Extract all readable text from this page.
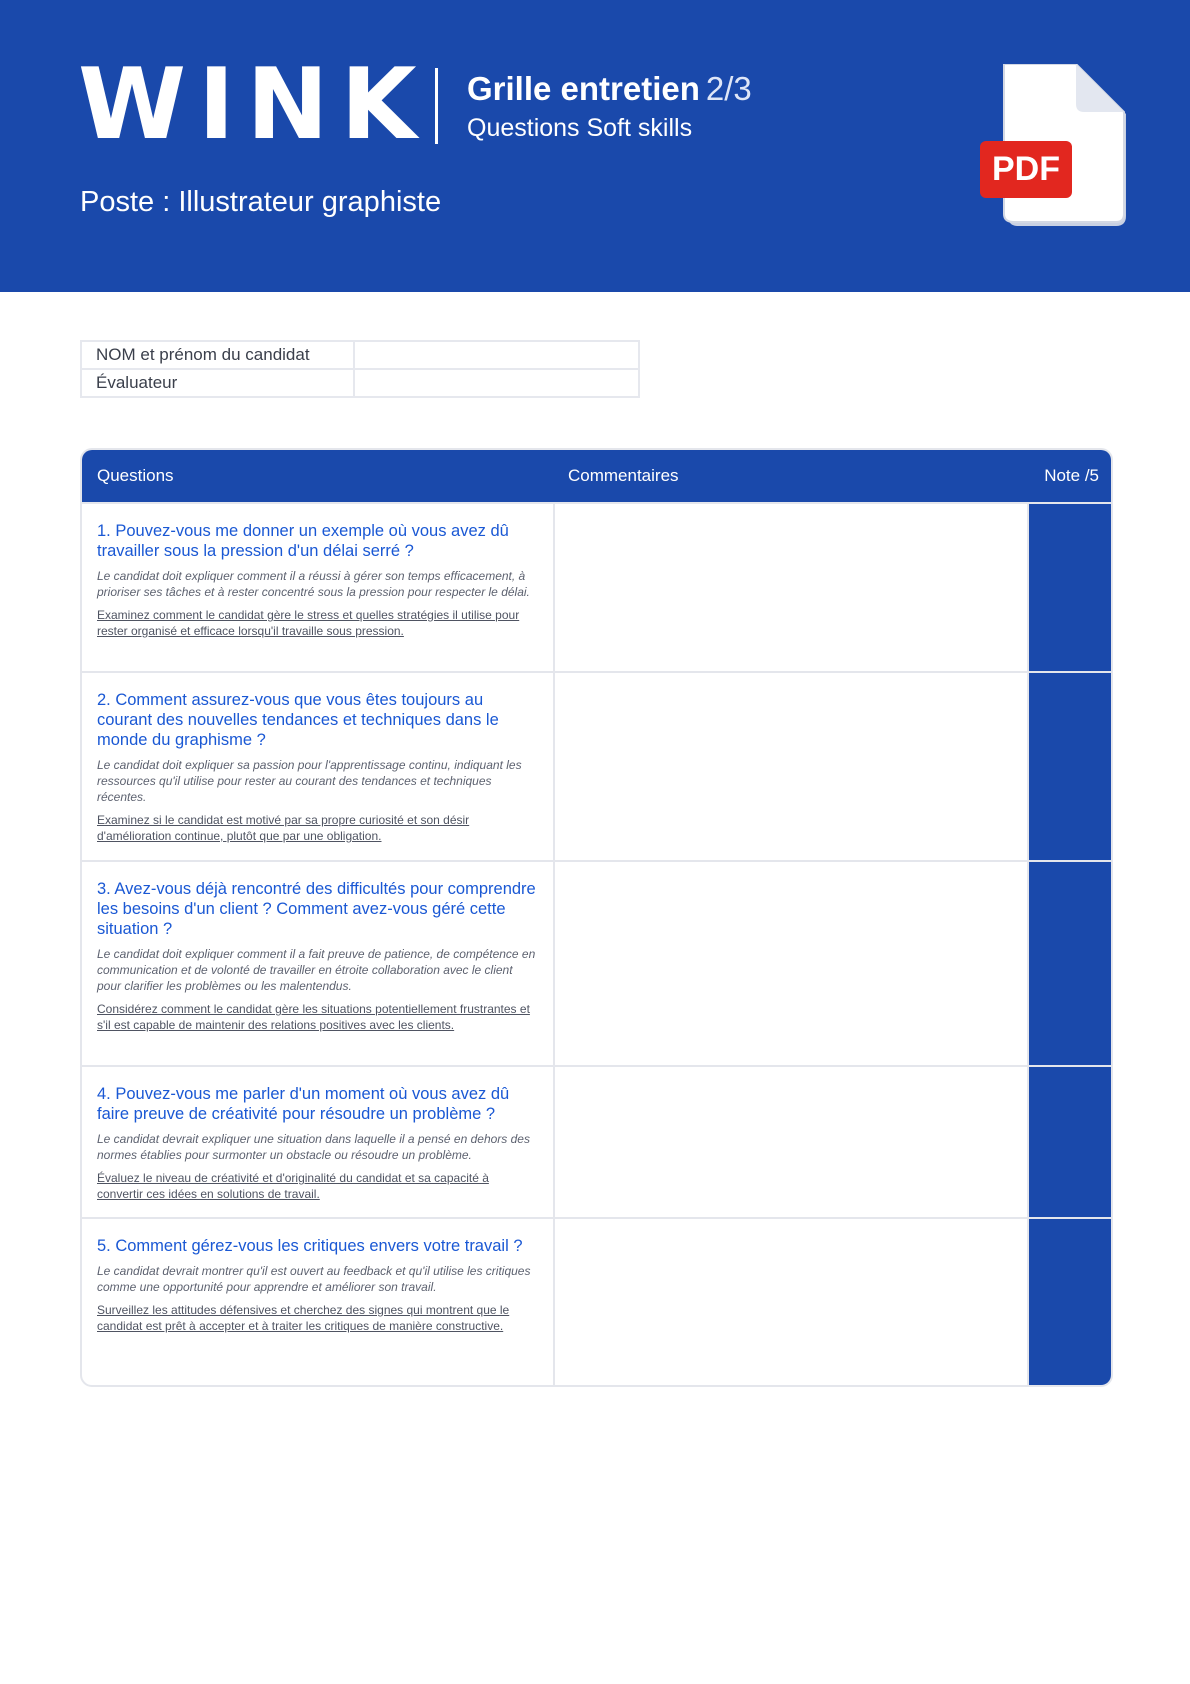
WINK Grille entretien 2/3
Questions Soft skills
Poste : Illustrateur graphiste
PDF
NOM et prénom du candidat	
Évaluateur	
Questions	Commentaires	Note /5

1. Pouvez-vous me donner un exemple où vous avez dû travailler sous la pression d'un délai serré ?

Le candidat doit expliquer comment il a réussi à gérer son temps efficacement, à prioriser ses tâches et à rester concentré sous la pression pour respecter le délai.

Examinez comment le candidat gère le stress et quelles stratégies il utilise pour rester organisé et efficace lorsqu'il travaille sous pression.

2. Comment assurez-vous que vous êtes toujours au courant des nouvelles tendances et techniques dans le monde du graphisme ?

Le candidat doit expliquer sa passion pour l'apprentissage continu, indiquant les ressources qu'il utilise pour rester au courant des tendances et techniques récentes.

Examinez si le candidat est motivé par sa propre curiosité et son désir d'amélioration continue, plutôt que par une obligation.

3. Avez-vous déjà rencontré des difficultés pour comprendre les besoins d'un client ? Comment avez-vous géré cette situation ?

Le candidat doit expliquer comment il a fait preuve de patience, de compétence en communication et de volonté de travailler en étroite collaboration avec le client pour clarifier les problèmes ou les malentendus.

Considérez comment le candidat gère les situations potentiellement frustrantes et s'il est capable de maintenir des relations positives avec les clients.

4. Pouvez-vous me parler d'un moment où vous avez dû faire preuve de créativité pour résoudre un problème ?

Le candidat devrait expliquer une situation dans laquelle il a pensé en dehors des normes établies pour surmonter un obstacle ou résoudre un problème.

Évaluez le niveau de créativité et d'originalité du candidat et sa capacité à convertir ces idées en solutions de travail.

5. Comment gérez-vous les critiques envers votre travail ?

Le candidat devrait montrer qu'il est ouvert au feedback et qu'il utilise les critiques comme une opportunité pour apprendre et améliorer son travail.

Surveillez les attitudes défensives et cherchez des signes qui montrent que le candidat est prêt à accepter et à traiter les critiques de manière constructive.
